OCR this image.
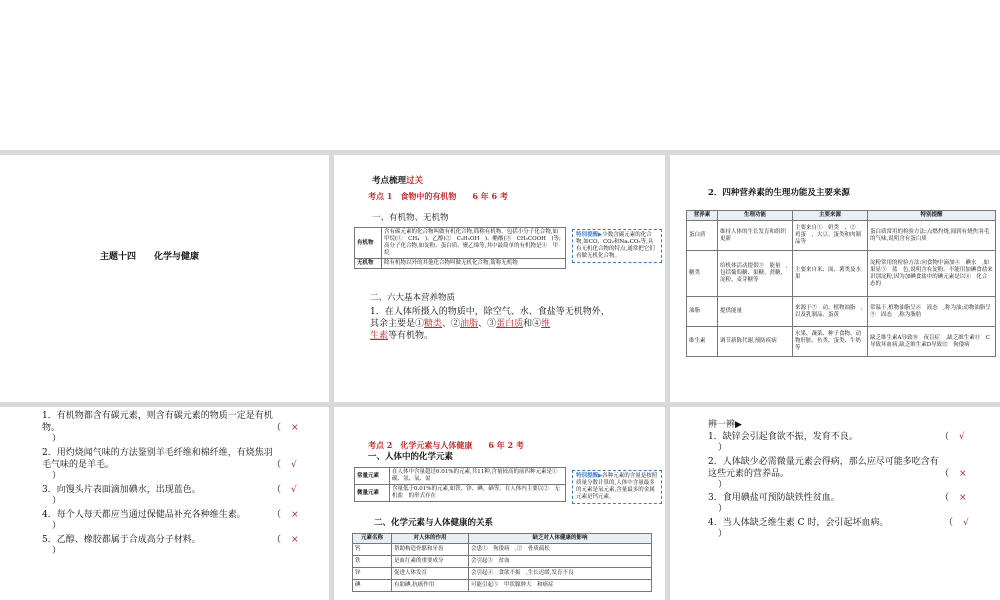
主题十四　　化学与健康
考点梳理过关
考点 1　食物中的有机物　　6 年 6 考
一、有机物、无机物
有机物	含有碳元素的化合物叫做有机化合物,简称有机物。包括小分子化合物,如甲烷(①　CH₄　)、乙醇(②　C₂H₅OH　)、醋酸(③　CH₃COOH　)等;高分子化合物,如淀粉、蛋白质、聚乙烯等,其中最简单的有机物是④　甲烷
无机物	除有机物以外的其他化合物叫做无机化合物,简称无机物
特别提醒▶少数含碳元素的化合物,如CO、CO₂和Na₂CO₃等,具有无机化合物的特点,通常把它们看做无机化合物。
二、六大基本营养物质
1．在人体所摄入的物质中，除空气、水、食盐等无机物外，
其余主要是①糖类、②油脂、③蛋白质和④维
生素等有机物。
2．四种营养素的生理功能及主要来源
营养素	生理功能	主要来源	特别提醒
蛋白质	维持人体的生长发育和组织更新	主要来自①　奶类　、②　鸡蛋　、大豆、蛋类和肉制品等	蛋白质常用的检验方法:点燃灼烧,闻到有烧焦羽毛的气味,说明含有蛋白质
糖类	给机体活动提供③　能量　,包括葡萄糖、果糖、蔗糖、淀粉、麦芽糖等	主要来自米、面、薯类及水果	淀粉常用的检验方法:向食物中滴加④　碘水　,如果显⑤　蓝　色,说明含有淀粉。不能用加碘食盐来识别淀粉,因为加碘食盐中的碘元素是以⑥　化合　态的
油脂	提供能量	来源于⑦　动、植物油脂　,以及乳制品、蛋黄	常温下,植物油脂呈⑧　液态　,称为油;动物油脂呈⑨　固态　,称为脂肪
维生素	调节新陈代谢,预防疾病	水果、蔬菜、种子食物、动物肝脏、鱼类、蛋类、牛奶等	缺乏维生素A导致⑩　夜盲症　,缺乏维生素⑪　C　导致坏血病,缺乏维生素D导致⑫　佝偻病
1．有机物都含有碳元素，则含有碳元素的物质一定是有机
物。	（ ×
）
2．用灼烧闻气味的方法鉴别羊毛纤维和棉纤维，有烧焦羽
毛气味的是羊毛。	（ √
）
3．向馒头片表面滴加碘水，出现蓝色。	（ √
）
4．每个人每天都应当通过保健品补充各种维生素。	（ ×
）
5．乙醇、橡胶都属于合成高分子材料。	（ ×
）
考点 2　化学元素与人体健康　　6 年 2 考
一、人体中的化学元素
常量元素	在人体中含量超过0.01%的元素,共11种,含量较高的前四种元素是①　碳、氢、氧、氮
微量元素	含量低于0.01%的元素,如铁、锌、碘、硒等。在人体内主要以②　无机盐　的形式存在
特别提醒▶各种元素的含量是按照质量分数计算的,人体中含量最多的元素是氧元素,含量最多的金属元素是钙元素。
二、化学元素与人体健康的关系
元素名称	对人体的作用	缺乏对人体健康的影响
钙	帮助构造骨骼和牙齿	会患①　佝偻病　,②　骨质疏松
铁	是血红素的重要成分	会引起③　贫血
锌	促进人体发育	会引起④　食欲不振　,生长迟缓,发育不良
碘	有助碘,抗癌作用	可能引起⑤　甲状腺肿大　和癌症
辨一辨▶
1．缺锌会引起食欲不振，发育不良。	（ √
）
2．人体缺少必需微量元素会得病，那么应尽可能多吃含有
这些元素的营养品。	（ ×
）
3．食用碘盐可预防缺铁性贫血。	（ ×
）
4．当人体缺乏维生素 C 时，会引起坏血病。	（ √
）
